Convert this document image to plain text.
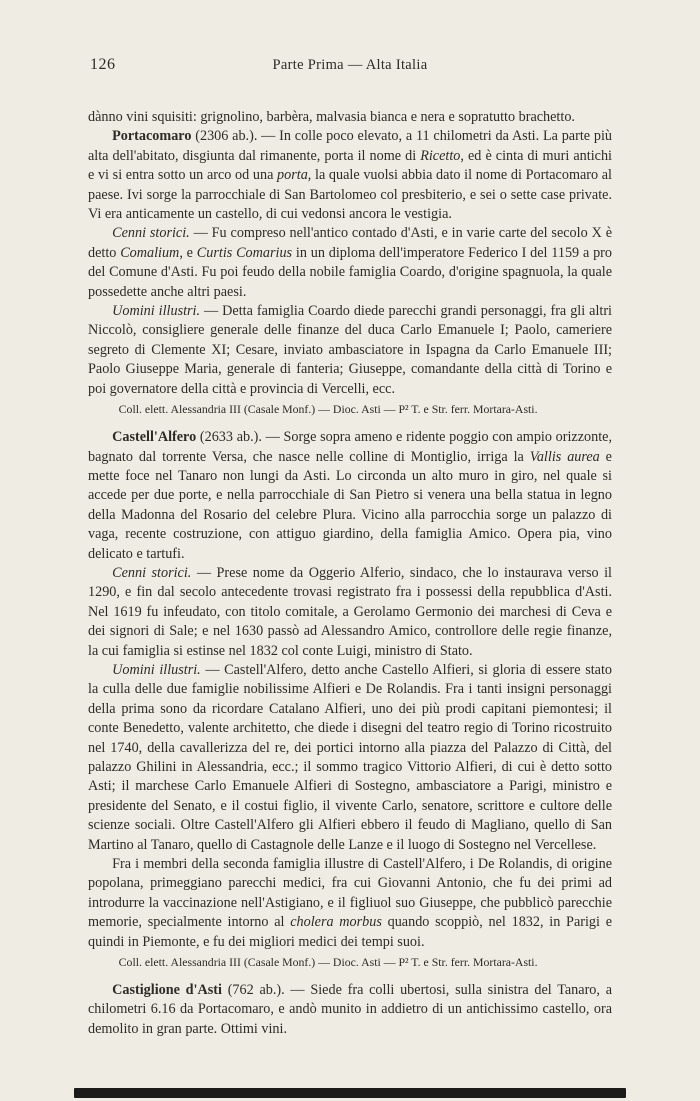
126	Parte Prima — Alta Italia

dànno vini squisiti: grignolino, barbèra, malvasia bianca e nera e sopratutto brachetto.

Portacomaro (2306 ab.). — In colle poco elevato, a 11 chilometri da Asti. La parte più alta dell'abitato, disgiunta dal rimanente, porta il nome di Ricetto, ed è cinta di muri antichi e vi si entra sotto un arco od una porta, la quale vuolsi abbia dato il nome di Portacomaro al paese. Ivi sorge la parrocchiale di San Bartolomeo col presbiterio, e sei o sette case private. Vi era anticamente un castello, di cui vedonsi ancora le vestigia.

Cenni storici. — Fu compreso nell'antico contado d'Asti, e in varie carte del secolo X è detto Comalium, e Curtis Comarius in un diploma dell'imperatore Federico I del 1159 a pro del Comune d'Asti. Fu poi feudo della nobile famiglia Coardo, d'origine spagnuola, la quale possedette anche altri paesi.

Uomini illustri. — Detta famiglia Coardo diede parecchi grandi personaggi, fra gli altri Niccolò, consigliere generale delle finanze del duca Carlo Emanuele I; Paolo, cameriere segreto di Clemente XI; Cesare, inviato ambasciatore in Ispagna da Carlo Emanuele III; Paolo Giuseppe Maria, generale di fanteria; Giuseppe, comandante della città di Torino e poi governatore della città e provincia di Vercelli, ecc.

Coll. elett. Alessandria III (Casale Monf.) — Dioc. Asti — P² T. e Str. ferr. Mortara-Asti.

Castell'Alfero (2633 ab.). — Sorge sopra ameno e ridente poggio con ampio orizzonte, bagnato dal torrente Versa, che nasce nelle colline di Montiglio, irriga la Vallis aurea e mette foce nel Tanaro non lungi da Asti. Lo circonda un alto muro in giro, nel quale si accede per due porte, e nella parrocchiale di San Pietro si venera una bella statua in legno della Madonna del Rosario del celebre Plura. Vicino alla parrocchia sorge un palazzo di vaga, recente costruzione, con attiguo giardino, della famiglia Amico. Opera pia, vino delicato e tartufi.

Cenni storici. — Prese nome da Oggerio Alferio, sindaco, che lo instaurava verso il 1290, e fin dal secolo antecedente trovasi registrato fra i possessi della repubblica d'Asti. Nel 1619 fu infeudato, con titolo comitale, a Gerolamo Germonio dei marchesi di Ceva e dei signori di Sale; e nel 1630 passò ad Alessandro Amico, controllore delle regie finanze, la cui famiglia si estinse nel 1832 col conte Luigi, ministro di Stato.

Uomini illustri. — Castell'Alfero, detto anche Castello Alfieri, si gloria di essere stato la culla delle due famiglie nobilissime Alfieri e De Rolandis. Fra i tanti insigni personaggi della prima sono da ricordare Catalano Alfieri, uno dei più prodi capitani piemontesi; il conte Benedetto, valente architetto, che diede i disegni del teatro regio di Torino ricostruito nel 1740, della cavallerizza del re, dei portici intorno alla piazza del Palazzo di Città, del palazzo Ghilini in Alessandria, ecc.; il sommo tragico Vittorio Alfieri, di cui è detto sotto Asti; il marchese Carlo Emanuele Alfieri di Sostegno, ambasciatore a Parigi, ministro e presidente del Senato, e il costui figlio, il vivente Carlo, senatore, scrittore e cultore delle scienze sociali. Oltre Castell'Alfero gli Alfieri ebbero il feudo di Magliano, quello di San Martino al Tanaro, quello di Castagnole delle Lanze e il luogo di Sostegno nel Vercellese.

Fra i membri della seconda famiglia illustre di Castell'Alfero, i De Rolandis, di origine popolana, primeggiano parecchi medici, fra cui Giovanni Antonio, che fu dei primi ad introdurre la vaccinazione nell'Astigiano, e il figliuol suo Giuseppe, che pubblicò parecchie memorie, specialmente intorno al cholera morbus quando scoppiò, nel 1832, in Parigi e quindi in Piemonte, e fu dei migliori medici dei tempi suoi.

Coll. elett. Alessandria III (Casale Monf.) — Dioc. Asti — P² T. e Str. ferr. Mortara-Asti.

Castiglione d'Asti (762 ab.). — Siede fra colli ubertosi, sulla sinistra del Tanaro, a chilometri 6.16 da Portacomaro, e andò munito in addietro di un antichissimo castello, ora demolito in gran parte. Ottimi vini.
